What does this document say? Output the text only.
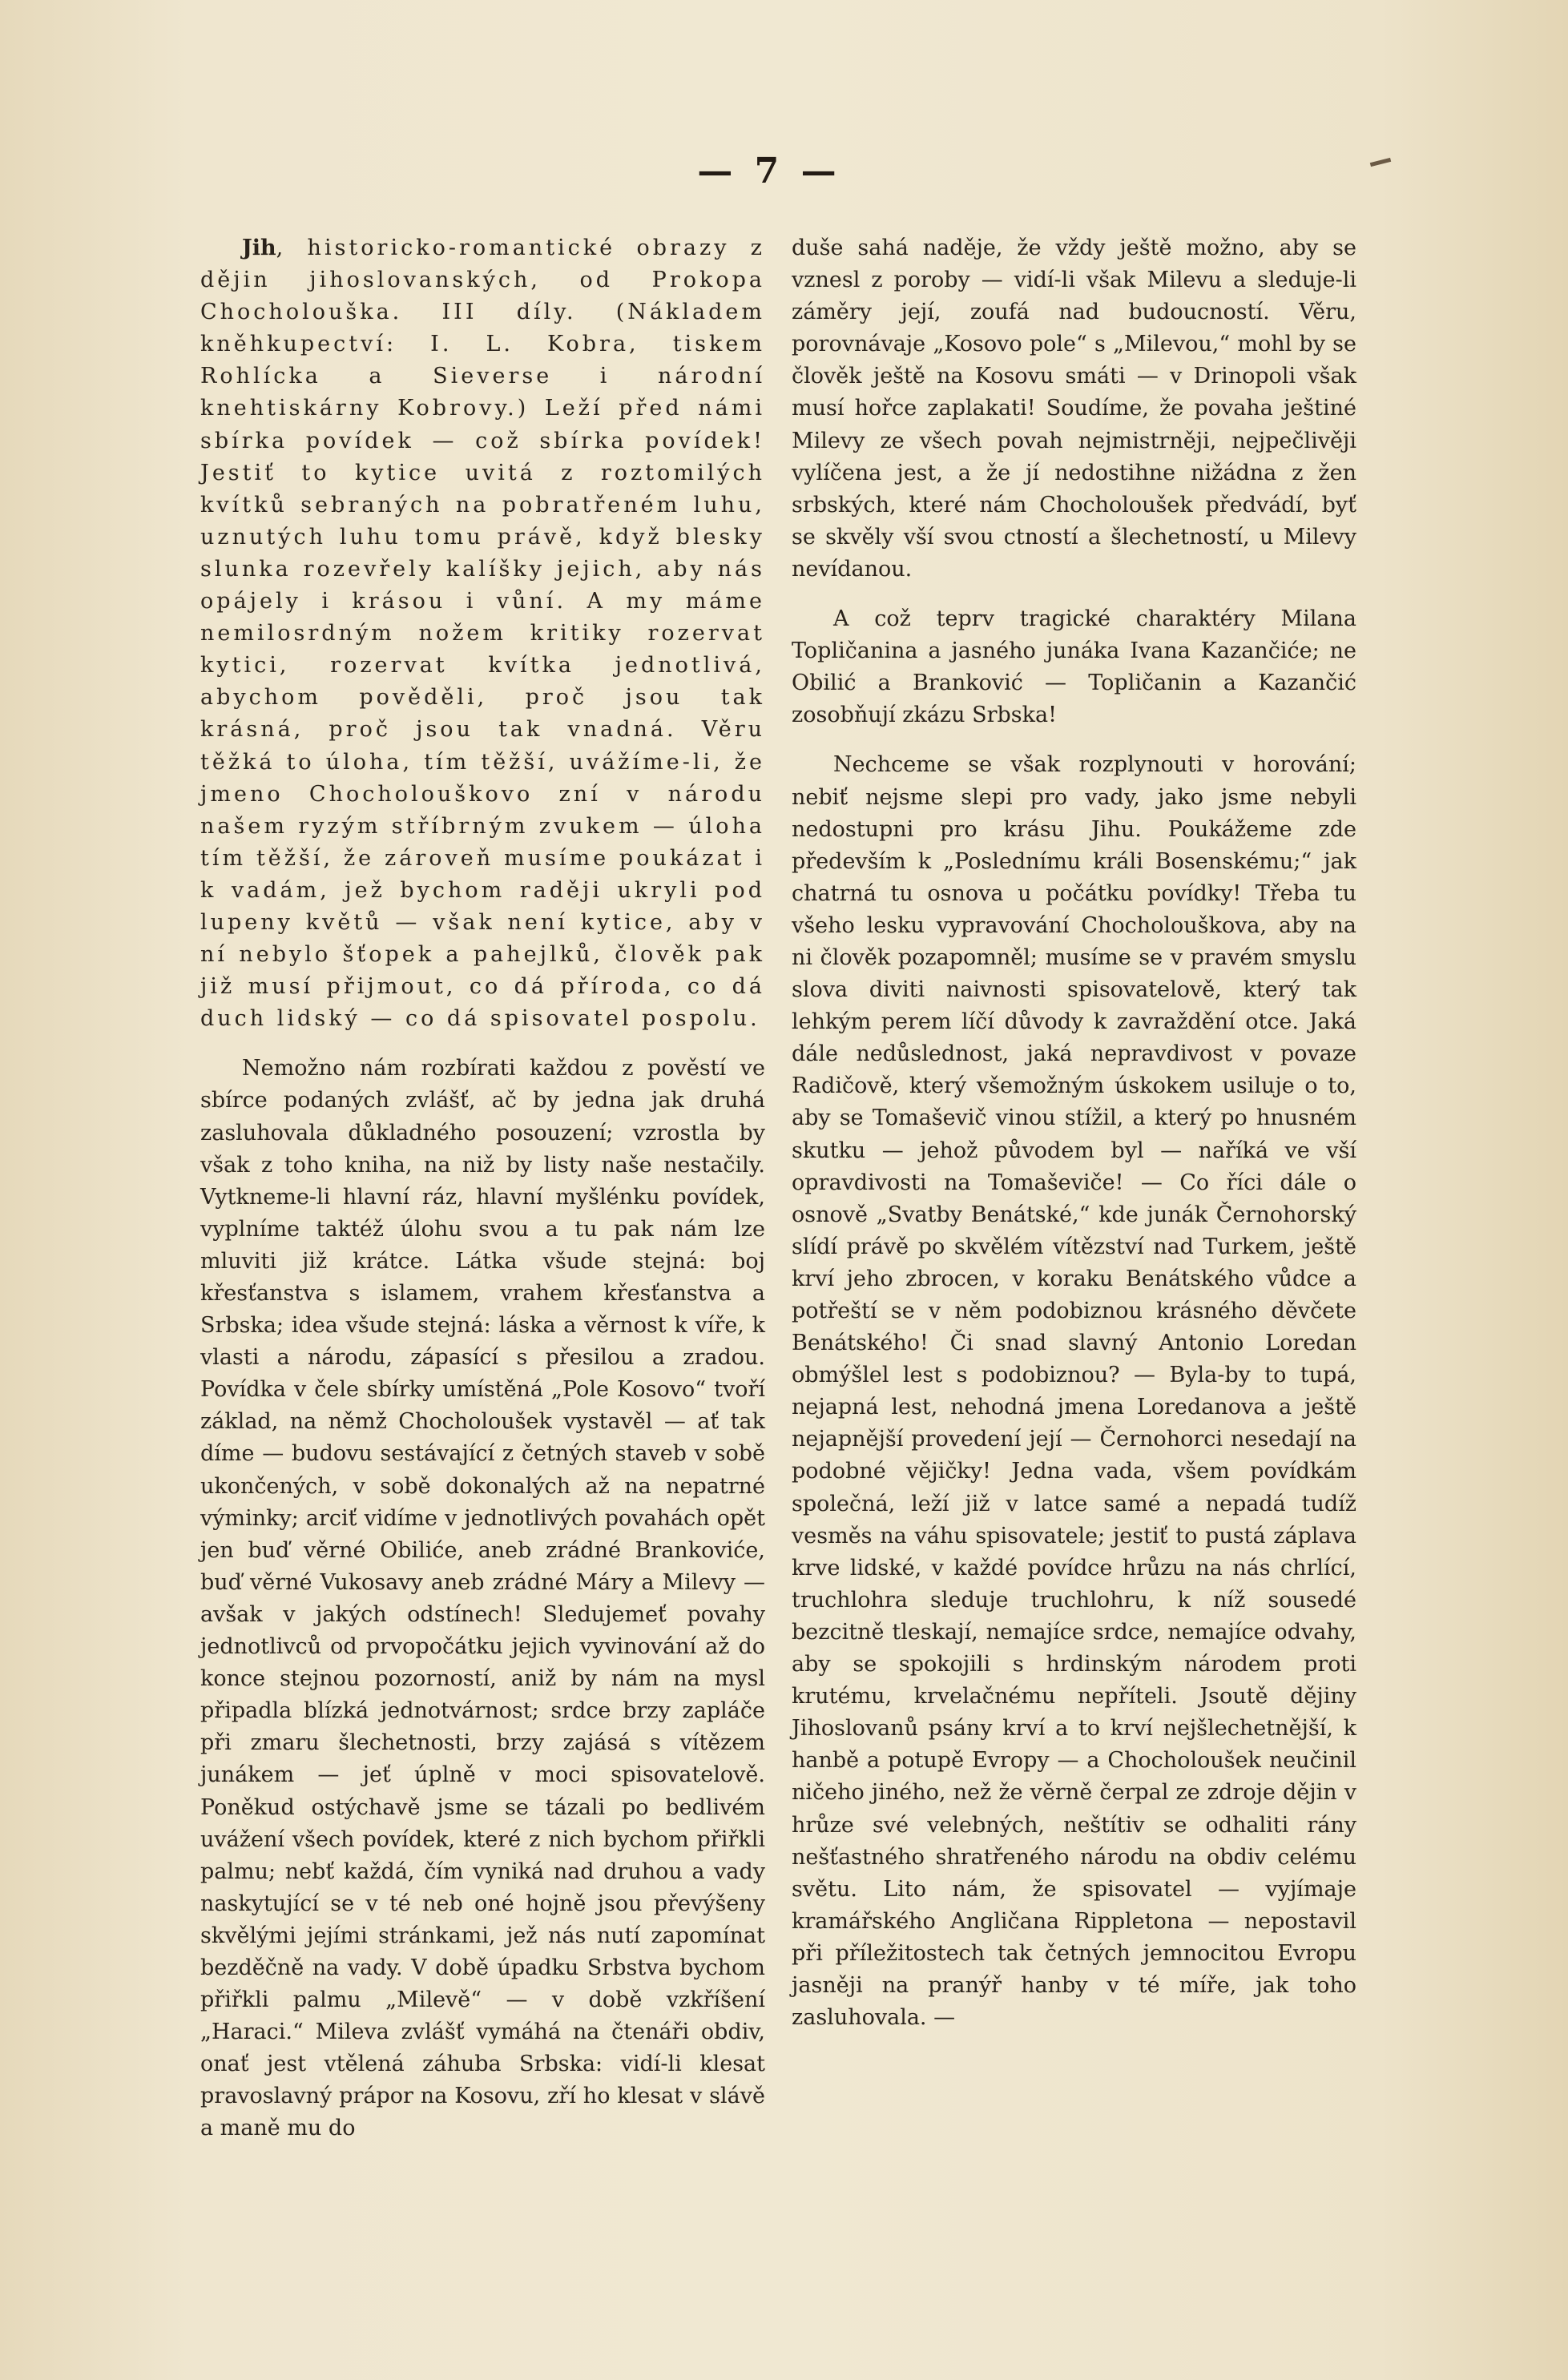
— 7 —

Jih, historicko-romantické obrazy z dějin jihoslovanských, od Prokopa Chocholouška. III díly. (Nákladem kněhkupectví: I. L. Kobra, tiskem Rohlícka a Sieverse i národní knehtiskárny Kobrovy.) Leží před námi sbírka povídek — což sbírka povídek! Jestiť to kytice uvitá z roztomilých kvítků sebraných na pobratřeném luhu, uznutých luhu tomu právě, když blesky slunka rozevřely kalíšky jejich, aby nás opájely i krásou i vůní. A my máme nemilosrdným nožem kritiky rozervat kytici, rozervat kvítka jednotlivá, abychom pověděli, proč jsou tak krásná, proč jsou tak vnadná. Věru těžká to úloha, tím těžší, uvážíme-li, že jmeno Chocholouškovo zní v národu našem ryzým stříbrným zvukem — úloha tím těžší, že zároveň musíme poukázat i k vadám, jež bychom raději ukryli pod lupeny květů — však není kytice, aby v ní nebylo šťopek a pahejlků, člověk pak již musí přijmout, co dá příroda, co dá duch lidský — co dá spisovatel pospolu.

Nemožno nám rozbírati každou z pověstí ve sbírce podaných zvlášť, ač by jedna jak druhá zasluhovala důkladného posouzení; vzrostla by však z toho kniha, na niž by listy naše nestačily. Vytkneme-li hlavní ráz, hlavní myšlénku povídek, vyplníme taktéž úlohu svou a tu pak nám lze mluviti již krátce. Látka všude stejná: boj křesťanstva s islamem, vrahem křesťanstva a Srbska; idea všude stejná: láska a věrnost k víře, k vlasti a národu, zápasící s přesilou a zradou. Povídka v čele sbírky umístěná „Pole Kosovo“ tvoří základ, na němž Chocholoušek vystavěl — ať tak díme — budovu sestávající z četných staveb v sobě ukončených, v sobě dokonalých až na nepatrné výminky; arciť vidíme v jednotlivých povahách opět jen buď věrné Obiliće, aneb zrádné Brankoviće, buď věrné Vukosavy aneb zrádné Máry a Milevy — avšak v jakých odstínech! Sledujemeť povahy jednotlivců od prvopočátku jejich vyvinování až do konce stejnou pozorností, aniž by nám na mysl připadla blízká jednotvárnost; srdce brzy zapláče při zmaru šlechetnosti, brzy zajásá s vítězem junákem — jeť úplně v moci spisovatelově. Poněkud ostýchavě jsme se tázali po bedlivém uvážení všech povídek, které z nich bychom přiřkli palmu; nebť každá, čím vyniká nad druhou a vady naskytující se v té neb oné hojně jsou převýšeny skvělými jejími stránkami, jež nás nutí zapomínat bezděčně na vady. V době úpadku Srbstva bychom přiřkli palmu „Milevě“ — v době vzkříšení „Haraci.“ Mileva zvlášť vymáhá na čtenáři obdiv, onať jest vtělená záhuba Srbska: vidí-li klesat pravoslavný prápor na Kosovu, zří ho klesat v slávě a maně mu do

duše sahá naděje, že vždy ještě možno, aby se vznesl z poroby — vidí-li však Milevu a sleduje-li záměry její, zoufá nad budoucností. Věru, porovnávaje „Kosovo pole“ s „Milevou,“ mohl by se člověk ještě na Kosovu smáti — v Drinopoli však musí hořce zaplakati! Soudíme, že povaha ještiné Milevy ze všech povah nejmistrněji, nejpečlivěji vylíčena jest, a že jí nedostihne nižádna z žen srbských, které nám Chocholoušek předvádí, byť se skvěly vší svou ctností a šlechetností, u Milevy nevídanou.

A což teprv tragické charaktéry Milana Topličanina a jasného junáka Ivana Kazančiće; ne Obilić a Branković — Topličanin a Kazančić zosobňují zkázu Srbska!

Nechceme se však rozplynouti v horování; nebiť nejsme slepi pro vady, jako jsme nebyli nedostupni pro krásu Jihu. Poukážeme zde především k „Poslednímu králi Bosenskému;“ jak chatrná tu osnova u počátku povídky! Třeba tu všeho lesku vypravování Chocholouškova, aby na ni člověk pozapomněl; musíme se v pravém smyslu slova diviti naivnosti spisovatelově, který tak lehkým perem líčí důvody k zavraždění otce. Jaká dále nedůslednost, jaká nepravdivost v povaze Radičově, který všemožným úskokem usiluje o to, aby se Tomaševič vinou stížil, a který po hnusném skutku — jehož původem byl — naříká ve vší opravdivosti na Tomaševiče! — Co říci dále o osnově „Svatby Benátské,“ kde junák Černohorský slídí právě po skvělém vítězství nad Turkem, ještě krví jeho zbrocen, v koraku Benátského vůdce a potřeští se v něm podobiznou krásného děvčete Benátského! Či snad slavný Antonio Loredan obmýšlel lest s podobiznou? — Byla-by to tupá, nejapná lest, nehodná jmena Loredanova a ještě nejapnější provedení její — Černohorci nesedají na podobné vějičky! Jedna vada, všem povídkám společná, leží již v latce samé a nepadá tudíž vesměs na váhu spisovatele; jestiť to pustá záplava krve lidské, v každé povídce hrůzu na nás chrlící, truchlohra sleduje truchlohru, k níž sousedé bezcitně tleskají, nemajíce srdce, nemajíce odvahy, aby se spokojili s hrdinským národem proti krutému, krvelačnému nepříteli. Jsoutě dějiny Jihoslovanů psány krví a to krví nejšlechetnější, k hanbě a potupě Evropy — a Chocholoušek neučinil ničeho jiného, než že věrně čerpal ze zdroje dějin v hrůze své velebných, neštítiv se odhaliti rány nešťastného shratřeného národu na obdiv celému světu. Lito nám, že spisovatel — vyjímaje kramářského Angličana Rippletona — nepostavil při příležitostech tak četných jemnocitou Evropu jasněji na pranýř hanby v té míře, jak toho zasluhovala. —
